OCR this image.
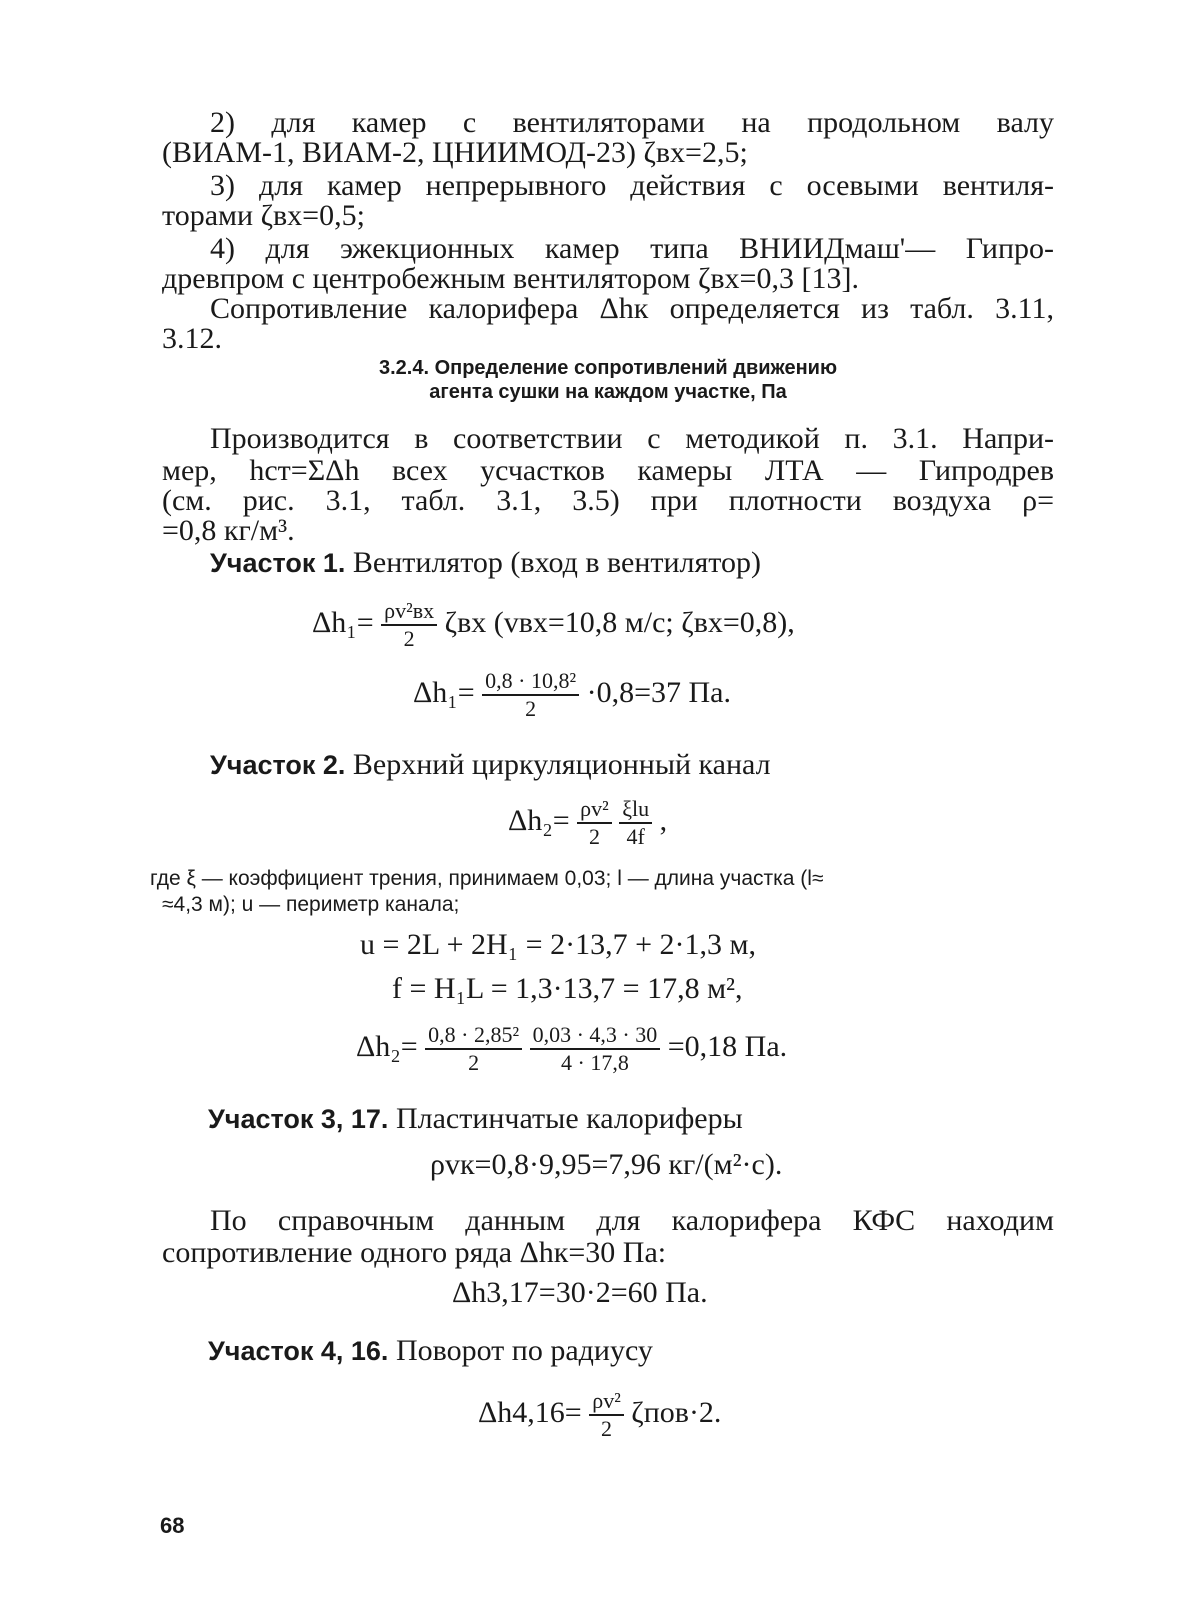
2) для камер с вентиляторами на продольном валу
(ВИАМ-1, ВИАМ-2, ЦНИИМОД-23) ζвх=2,5;
3) для камер непрерывного действия с осевыми вентиля-
торами ζвх=0,5;
4) для эжекционных камер типа ВНИИДмаш'— Гипро-
древпром с центробежным вентилятором ζвх=0,3 [13].
Сопротивление калорифера Δhк определяется из табл. 3.11,
3.12.
3.2.4. Определение сопротивлений движению
агента сушки на каждом участке, Па
Производится в соответствии с методикой п. 3.1. Напри-
мер, hст=ΣΔh всех усчастков камеры ЛТА — Гипродрев
(см. рис. 3.1, табл. 3.1, 3.5) при плотности воздуха ρ=
=0,8 кг/м³.
Участок 1. Вентилятор (вход в вентилятор)
$\Delta h_1= \frac{\text{ρv²вх}}{2}$ ζвх (vвх=10,8 м/с; ζвх=0,8),
$\Delta h_1= \frac{\text{0,8 · 10,8²}}{2} \cdot 0,8=37$ Па.
Участок 2. Верхний циркуляционный канал
$\Delta h_2= \frac{\text{ρv²}}{2}$
$\frac{\text{ξlu}}{4f}$ ,
где ξ — коэффициент трения, принимаем 0,03; l — длина участка (l≈
≈4,3 м); u — периметр канала;
u = 2L + 2H₁ = 2·13,7 + 2·1,3 м,
f = H₁L = 1,3·13,7 = 17,8 м²,
$\Delta h_2= \frac{\text{0,8 · 2,85²}}{2}$
$\frac{0,03 \cdot 4,3 \cdot 30}{4 \cdot 17,8} =0,18$ Па.
Участок 3, 17. Пластинчатые калориферы
ρvк=0,8·9,95=7,96 кг/(м²·с).
По справочным данным для калорифера КФС находим
сопротивление одного ряда Δhк=30 Па:
Δh3,17=30·2=60 Па.
Участок 4, 16. Поворот по радиусу
$\Delta h4,16= \frac{\text{ρv²}}{2} \zeta пов\cdot 2$.
68
